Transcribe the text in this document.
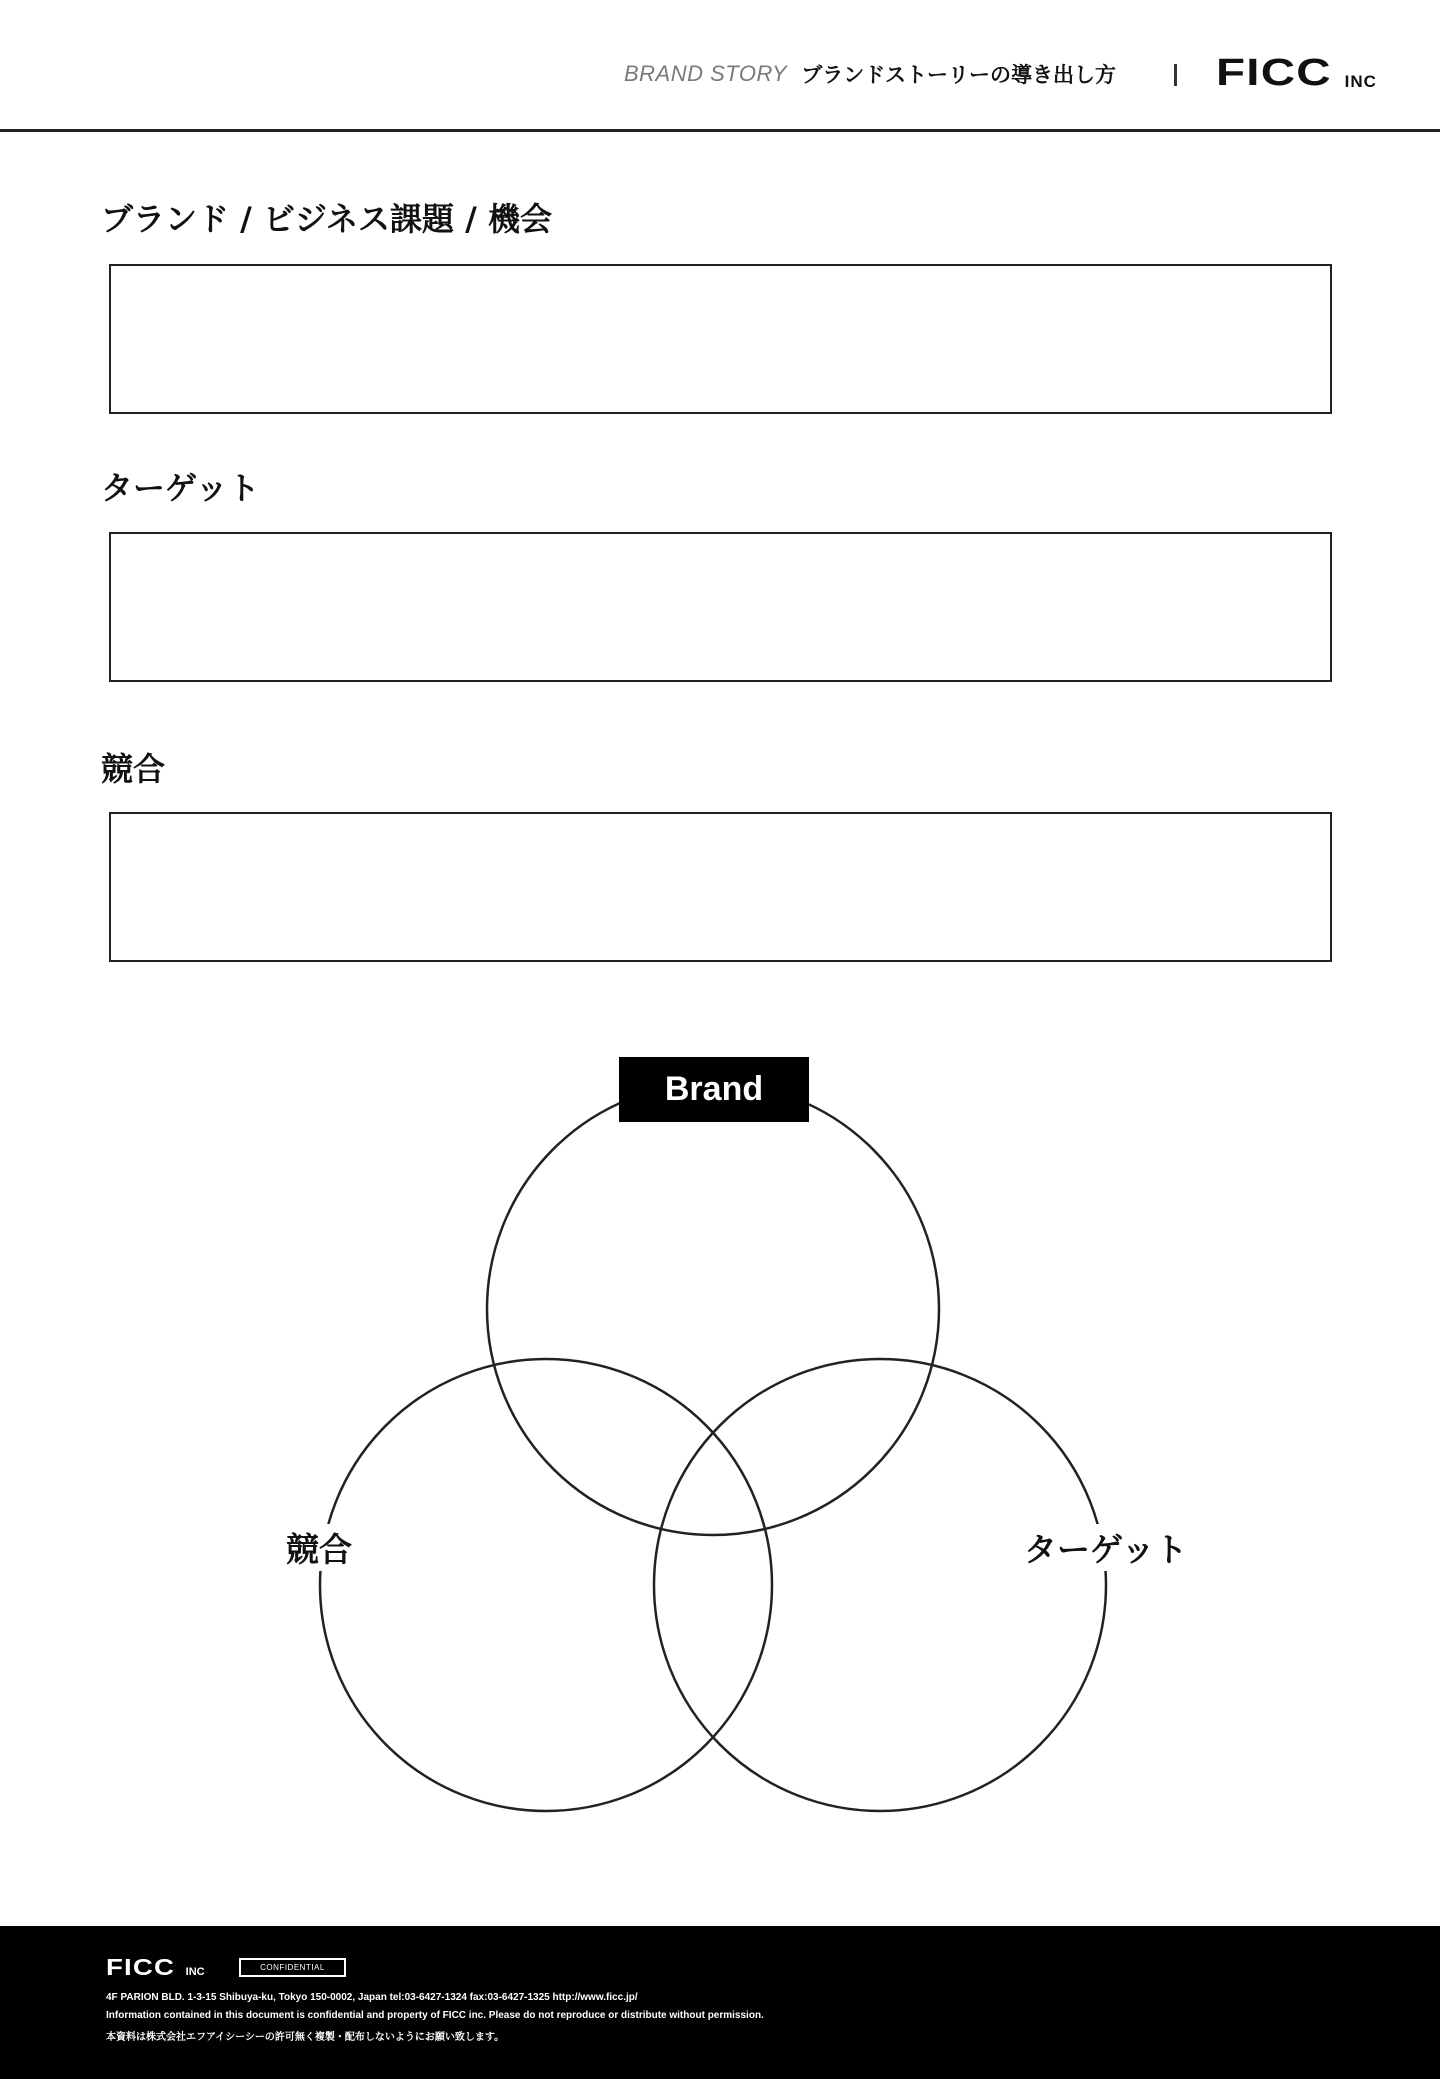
BRAND STORY ブランドストーリーの導き出し方	FICC INC
ブランド / ビジネス課題 / 機会
ターゲット
競合
Brand
競合	ターゲット
FICC INC	CONFIDENTIAL
4F PARION BLD. 1-3-15 Shibuya-ku, Tokyo 150-0002, Japan tel:03-6427-1324 fax:03-6427-1325 http://www.ficc.jp/
Information contained in this document is confidential and property of FICC inc. Please do not reproduce or distribute without permission.
本資料は株式会社エフアイシーシーの許可無く複製・配布しないようにお願い致します。
